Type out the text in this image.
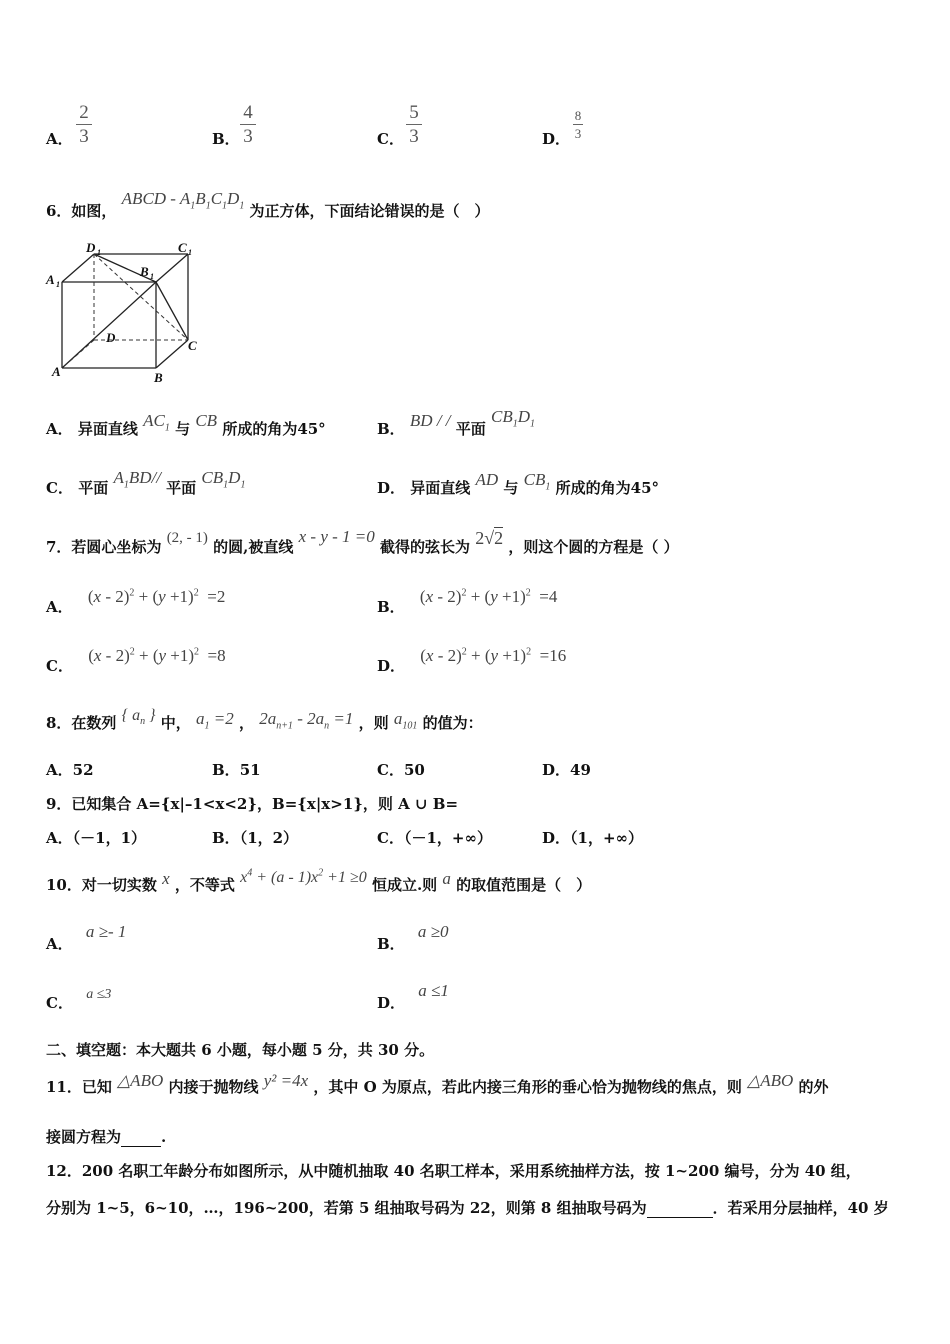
A．
2
3	B．
4
3	C．
5
3	D．
8
3
6．如图， ABCD - $A_1B_1C_1D_1$ 为正方体，下面结论错误的是（　）
D 1	C 1
A 1
B 1
D
C
A	B
A． 异面直线 $AC_1$ 与 CB 所成的角为45°	B． BD / / 平面 $CB_1D_1$
C． 平面 $A_1BD//$ 平面 $CB_1D_1$	D． 异面直线 AD 与 $CB_1$ 所成的角为45°
7．若圆心坐标为 (2, - 1) 的圆,被直线 x - y - 1 =0 截得的弦长为 2√2 ，则这个圆的方程是（ ）
A． $(x - 2)^2 + (y +1)^2 =2$
B． $(x - 2)^2 + (y +1)^2 =4$
C． $(x - 2)^2 + (y +1)^2 =8$
D． $(x - 2)^2 + (y +1)^2 =16$
8．在数列 { $a_n$ } 中， $a_1 =2$ ， $2a_{n+1} - 2a_n =1$ ，则 $a_{101}$ 的值为：
A．52	B．51	C．50	D．49
9．已知集合 A={x|–1<x<2}，B={x|x>1}，则 A ∪ B=
A．（－1，1）	B．（1，2）	C．（－1，+∞）	D．（1，+∞）
10．对一切实数 x ，不等式 $x^4 + (a - 1)x^2 +1 \ge 0$ 恒成立.则 a 的取值范围是（　）
A． a ≥- 1
B． a ≥0
C． a ≤3	D． a ≤1
二、填空题：本大题共 6 小题，每小题 5 分，共 30 分。
11．已知 △ABO 内接于抛物线 y² =4x ，其中 O 为原点，若此内接三角形的垂心恰为抛物线的焦点，则 △ABO 的外
接圆方程为	.
12．200 名职工年龄分布如图所示，从中随机抽取 40 名职工样本，采用系统抽样方法，按 1~200 编号，分为 40 组，
分别为 1~5，6~10，…，196~200，若第 5 组抽取号码为 22，则第 8 组抽取号码为	．若采用分层抽样，40 岁
